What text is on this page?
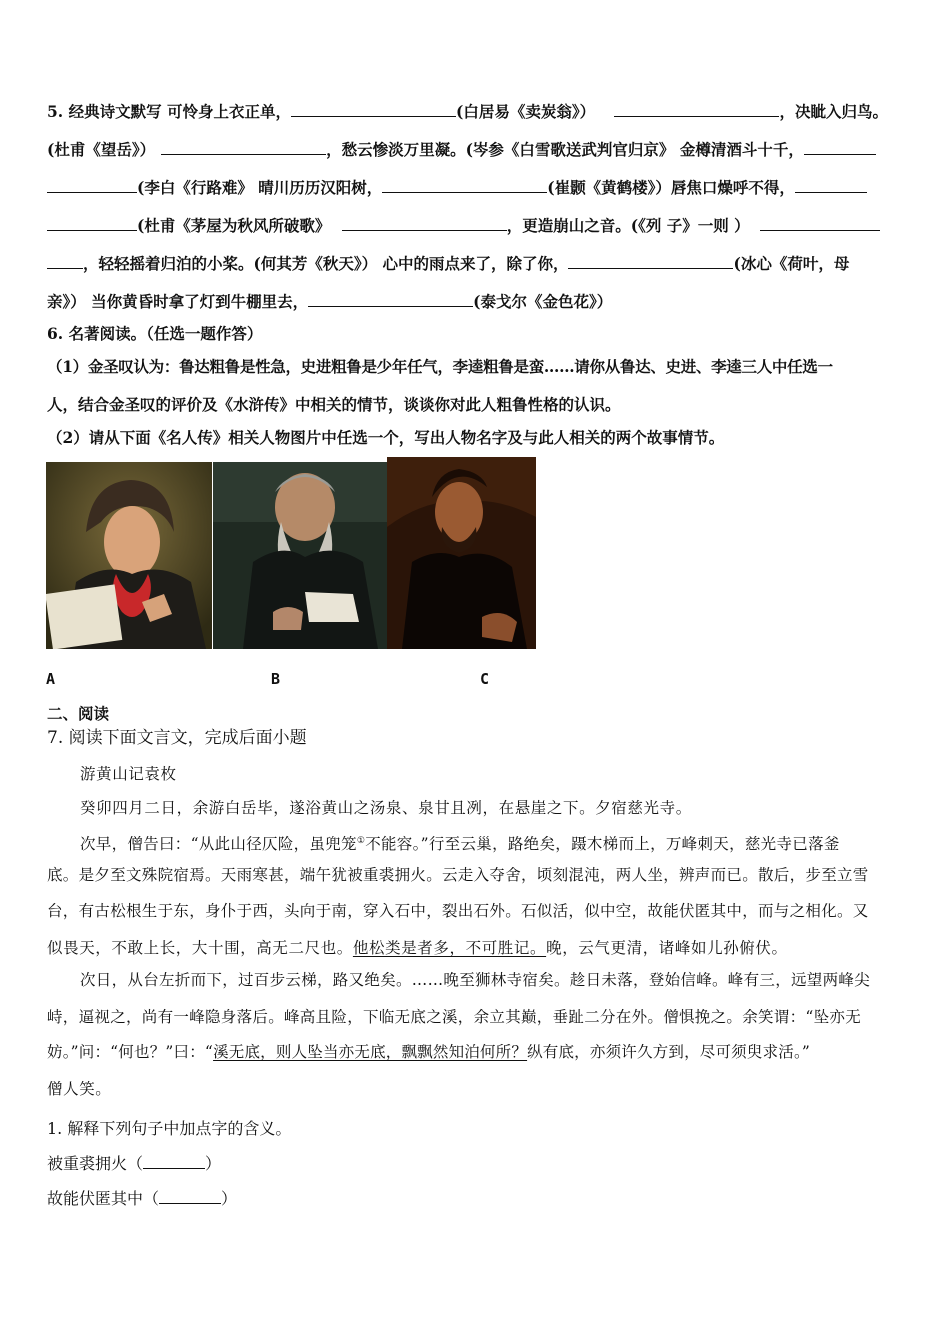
5. 经典诗文默写 可怜身上衣正单，	(白居易《卖炭翁》）	，决眦入归鸟。
(杜甫《望岳》）	，愁云惨淡万里凝。(岑参《白雪歌送武判官归京》 金樽清酒斗十千，
(李白《行路难》 晴川历历汉阳树，	(崔颢《黄鹤楼》）唇焦口燥呼不得，
(杜甫《茅屋为秋风所破歌》	，更造崩山之音。(《列 子》一则 ）
，轻轻摇着归泊的小桨。(何其芳《秋天》） 心中的雨点来了，除了你，	(冰心《荷叶，母
亲》） 当你黄昏时拿了灯到牛棚里去，	(泰戈尔《金色花》）
6. 名著阅读。（任选一题作答）
（1）金圣叹认为：鲁达粗鲁是性急，史进粗鲁是少年任气，李逵粗鲁是蛮……请你从鲁达、史进、李逵三人中任选一
人，结合金圣叹的评价及《水浒传》中相关的情节，谈谈你对此人粗鲁性格的认识。
（2）请从下面《名人传》相关人物图片中任选一个，写出人物名字及与此人相关的两个故事情节。
A	B	C
二、阅读
7. 阅读下面文言文，完成后面小题
游黄山记袁枚
癸卯四月二日，余游白岳毕，遂浴黄山之汤泉、泉甘且冽，在悬崖之下。夕宿慈光寺。
次早，僧告曰：“从此山径仄险，虽兜笼①不能容。”行至云巢，路绝矣，蹑木梯而上，万峰刺天，慈光寺已落釜
底。是夕至文殊院宿焉。天雨寒甚，端午犹被重裘拥火。云走入夺舍，顷刻混沌，两人坐，辨声而已。散后，步至立雪
台，有古松根生于东，身仆于西，头向于南，穿入石中，裂出石外。石似活，似中空，故能伏匿其中，而与之相化。又
似畏天，不敢上长，大十围，高无二尺也。他松类是者多，不可胜记。晚，云气更清，诸峰如儿孙俯伏。
次日，从台左折而下，过百步云梯，路又绝矣。……晚至狮林寺宿矣。趁日未落，登始信峰。峰有三，远望两峰尖
峙，逼视之，尚有一峰隐身落后。峰高且险，下临无底之溪，余立其巅，垂趾二分在外。僧惧挽之。余笑谓：“坠亦无
妨。”问：“何也？”曰：“溪无底，则人坠当亦无底，飘飘然知泊何所？纵有底，亦须许久方到，尽可须臾求活。”
僧人笑。
1. 解释下列句子中加点字的含义。
被重裘拥火（	）
故能伏匿其中（	）
